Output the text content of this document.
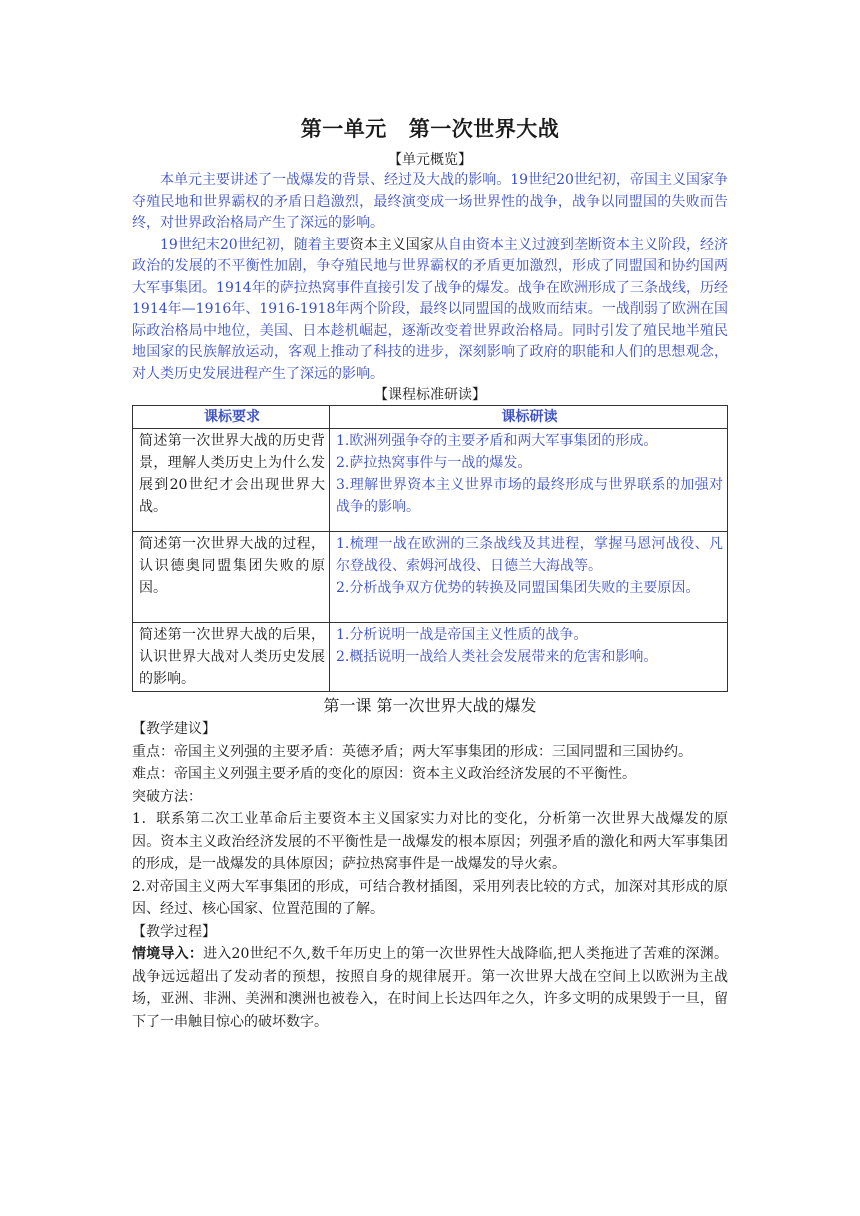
第一单元 第一次世界大战
【单元概览】

本单元主要讲述了一战爆发的背景、经过及大战的影响。19世纪20世纪初，帝国主义国家争夺殖民地和世界霸权的矛盾日趋激烈，最终演变成一场世界性的战争，战争以同盟国的失败而告终，对世界政治格局产生了深远的影响。

19世纪末20世纪初，随着主要资本主义国家从自由资本主义过渡到垄断资本主义阶段，经济政治的发展的不平衡性加剧，争夺殖民地与世界霸权的矛盾更加激烈，形成了同盟国和协约国两大军事集团。1914年的萨拉热窝事件直接引发了战争的爆发。战争在欧洲形成了三条战线，历经1914年—1916年、1916-1918年两个阶段，最终以同盟国的战败而结束。一战削弱了欧洲在国际政治格局中地位，美国、日本趁机崛起，逐渐改变着世界政治格局。同时引发了殖民地半殖民地国家的民族解放运动，客观上推动了科技的进步，深刻影响了政府的职能和人们的思想观念，对人类历史发展进程产生了深远的影响。

【课程标准研读】
课标要求	课标研读
简述第一次世界大战的历史背景，理解人类历史上为什么发展到20世纪才会出现世界大战。	1.欧洲列强争夺的主要矛盾和两大军事集团的形成。
2.萨拉热窝事件与一战的爆发。
3.理解世界资本主义世界市场的最终形成与世界联系的加强对战争的影响。

简述第一次世界大战的过程，认识德奥同盟集团失败的原因。	1.梳理一战在欧洲的三条战线及其进程，掌握马恩河战役、凡尔登战役、索姆河战役、日德兰大海战等。
2.分析战争双方优势的转换及同盟国集团失败的主要原因。

简述第一次世界大战的后果，认识世界大战对人类历史发展的影响。	1.分析说明一战是帝国主义性质的战争。
2.概括说明一战给人类社会发展带来的危害和影响。
第一课 第一次世界大战的爆发

【教学建议】

重点：帝国主义列强的主要矛盾：英德矛盾；两大军事集团的形成：三国同盟和三国协约。

难点：帝国主义列强主要矛盾的变化的原因：资本主义政治经济发展的不平衡性。

突破方法：

1．联系第二次工业革命后主要资本主义国家实力对比的变化，分析第一次世界大战爆发的原因。资本主义政治经济发展的不平衡性是一战爆发的根本原因；列强矛盾的激化和两大军事集团的形成，是一战爆发的具体原因；萨拉热窝事件是一战爆发的导火索。

2.对帝国主义两大军事集团的形成，可结合教材插图，采用列表比较的方式，加深对其形成的原因、经过、核心国家、位置范围的了解。

【教学过程】

情境导入：进入20世纪不久,数千年历史上的第一次世界性大战降临,把人类拖进了苦难的深渊。战争远远超出了发动者的预想，按照自身的规律展开。第一次世界大战在空间上以欧洲为主战场，亚洲、非洲、美洲和澳洲也被卷入，在时间上长达四年之久，许多文明的成果毁于一旦，留下了一串触目惊心的破坏数字。
